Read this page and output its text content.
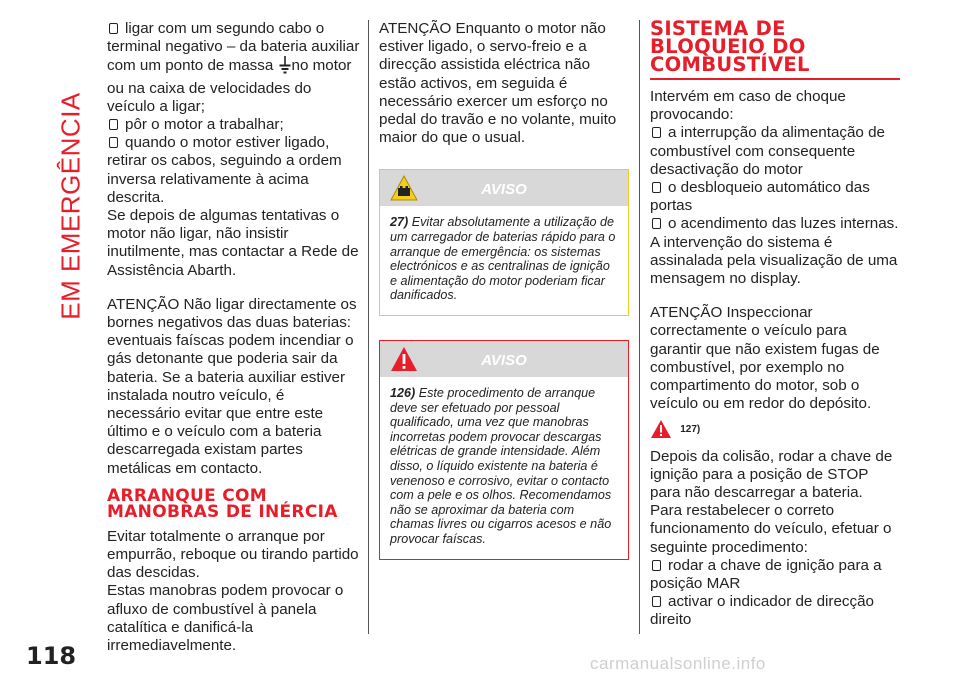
EM EMERGÊNCIA

ligar com um segundo cabo o terminal negativo – da bateria auxiliar com um ponto de massa no motor ou na caixa de velocidades do veículo a ligar;

pôr o motor a trabalhar;

quando o motor estiver ligado, retirar os cabos, seguindo a ordem inversa relativamente à acima descrita.

Se depois de algumas tentativas o motor não ligar, não insistir inutilmente, mas contactar a Rede de Assistência Abarth.

ATENÇÃO Não ligar directamente os bornes negativos das duas baterias: eventuais faíscas podem incendiar o gás detonante que poderia sair da bateria. Se a bateria auxiliar estiver instalada noutro veículo, é necessário evitar que entre este último e o veículo com a bateria descarregada existam partes metálicas em contacto.

ARRANQUE COM MANOBRAS DE INÉRCIA

Evitar totalmente o arranque por empurrão, reboque ou tirando partido das descidas.

Estas manobras podem provocar o afluxo de combustível à panela catalítica e danificá-la irremediavelmente.

ATENÇÃO Enquanto o motor não estiver ligado, o servo-freio e a direcção assistida eléctrica não estão activos, em seguida é necessário exercer um esforço no pedal do travão e no volante, muito maior do que o usual.

AVISO
27) Evitar absolutamente a utilização de um carregador de baterias rápido para o arranque de emergência: os sistemas electrónicos e as centralinas de ignição e alimentação do motor poderiam ficar danificados.
AVISO
126) Este procedimento de arranque deve ser efetuado por pessoal qualificado, uma vez que manobras incorretas podem provocar descargas elétricas de grande intensidade. Além disso, o líquido existente na bateria é venenoso e corrosivo, evitar o contacto com a pele e os olhos. Recomendamos não se aproximar da bateria com chamas livres ou cigarros acesos e não provocar faíscas.
SISTEMA DE BLOQUEIO DO COMBUSTÍVEL

Intervém em caso de choque provocando:

a interrupção da alimentação de combustível com consequente desactivação do motor

o desbloqueio automático das portas

o acendimento das luzes internas.

A intervenção do sistema é assinalada pela visualização de uma mensagem no display.

ATENÇÃO Inspeccionar correctamente o veículo para garantir que não existem fugas de combustível, por exemplo no compartimento do motor, sob o veículo ou em redor do depósito.

$^{127)}$

Depois da colisão, rodar a chave de ignição para a posição de STOP para não descarregar a bateria.

Para restabelecer o correto funcionamento do veículo, efetuar o seguinte procedimento:

rodar a chave de ignição para a posição MAR

activar o indicador de direcção direito

118	carmanualsonline.info
